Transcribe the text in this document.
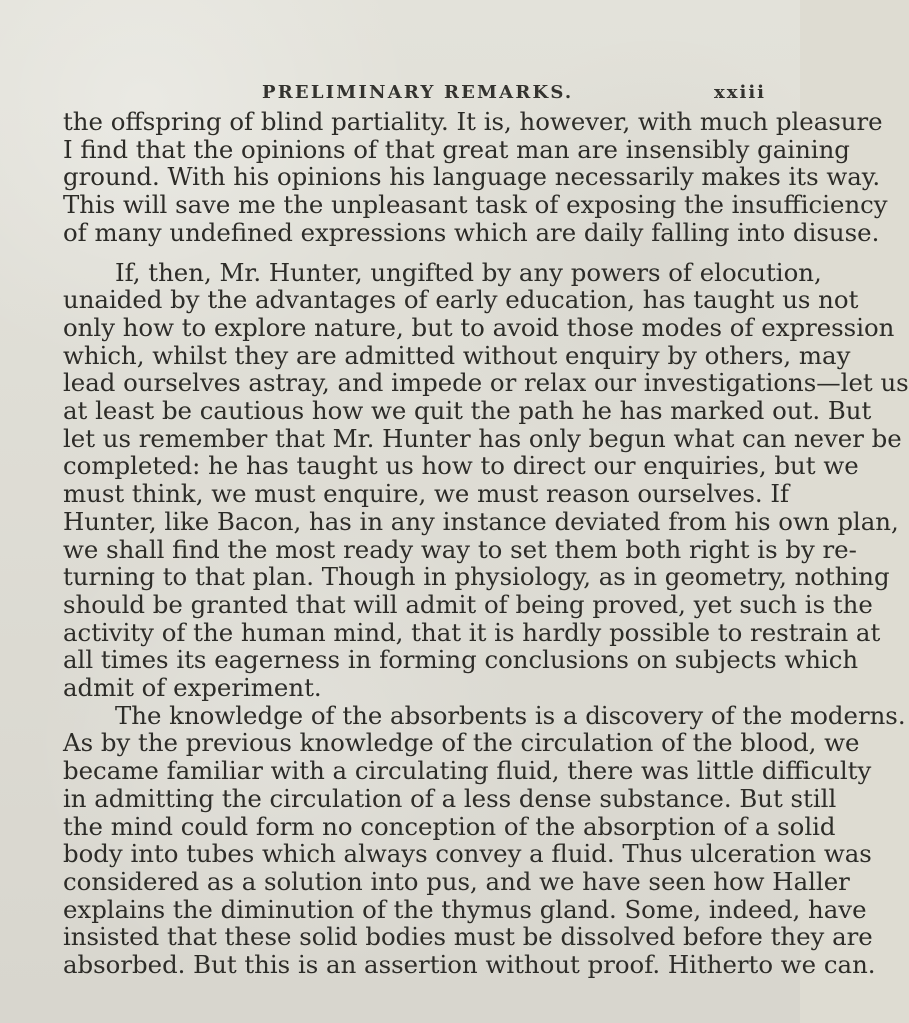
PRELIMINARY REMARKS.	xxiii
the offspring of blind partiality. It is, however, with much pleasure
I find that the opinions of that great man are insensibly gaining
ground. With his opinions his language necessarily makes its way.
This will save me the unpleasant task of exposing the insufficiency
of many undefined expressions which are daily falling into disuse.
If, then, Mr. Hunter, ungifted by any powers of elocution,
unaided by the advantages of early education, has taught us not
only how to explore nature, but to avoid those modes of expression
which, whilst they are admitted without enquiry by others, may
lead ourselves astray, and impede or relax our investigations—let us
at least be cautious how we quit the path he has marked out. But
let us remember that Mr. Hunter has only begun what can never be
completed: he has taught us how to direct our enquiries, but we
must think, we must enquire, we must reason ourselves. If
Hunter, like Bacon, has in any instance deviated from his own plan,
we shall find the most ready way to set them both right is by re-
turning to that plan. Though in physiology, as in geometry, nothing
should be granted that will admit of being proved, yet such is the
activity of the human mind, that it is hardly possible to restrain at
all times its eagerness in forming conclusions on subjects which
admit of experiment.
The knowledge of the absorbents is a discovery of the moderns.
As by the previous knowledge of the circulation of the blood, we
became familiar with a circulating fluid, there was little difficulty
in admitting the circulation of a less dense substance. But still
the mind could form no conception of the absorption of a solid
body into tubes which always convey a fluid. Thus ulceration was
considered as a solution into pus, and we have seen how Haller
explains the diminution of the thymus gland. Some, indeed, have
insisted that these solid bodies must be dissolved before they are
absorbed. But this is an assertion without proof. Hitherto we can.
